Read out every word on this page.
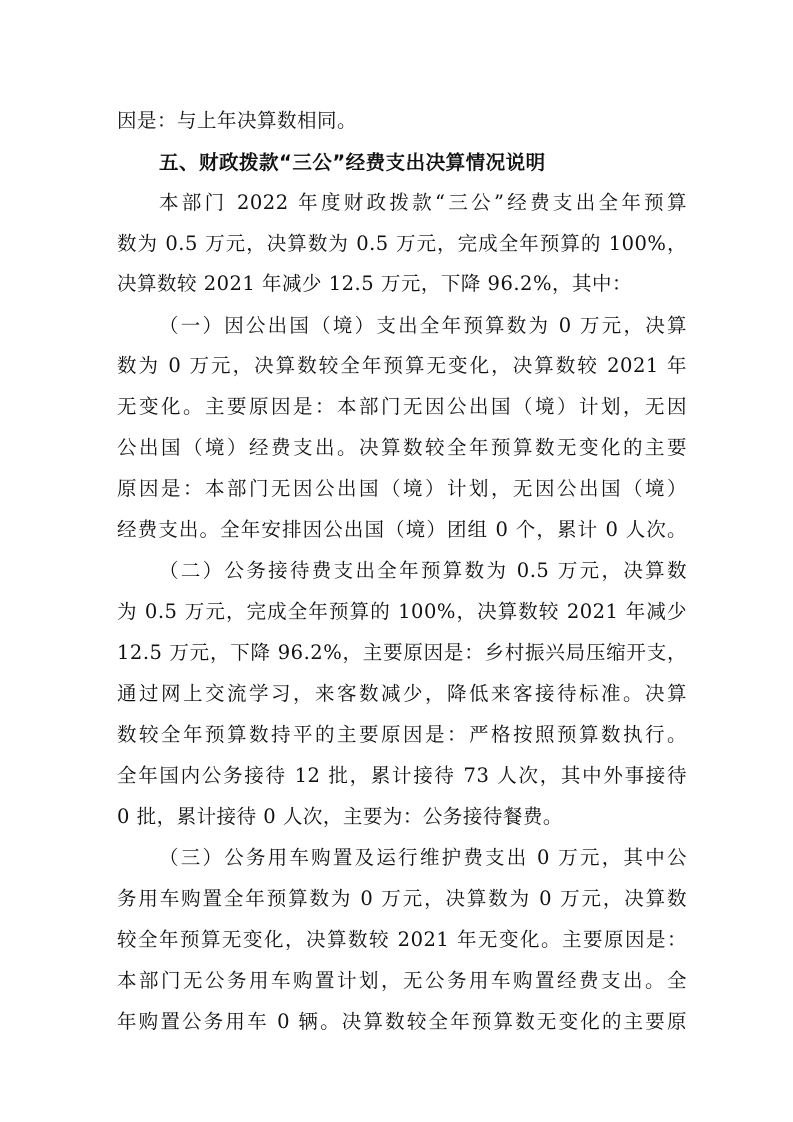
因是：与上年决算数相同。
五、财政拨款“三公”经费支出决算情况说明
本部门 2022 年度财政拨款“三公”经费支出全年预算
数为 0.5 万元，决算数为 0.5 万元，完成全年预算的 100%，
决算数较 2021 年减少 12.5 万元，下降 96.2%，其中：
（一）因公出国（境）支出全年预算数为 0 万元，决算
数为 0 万元，决算数较全年预算无变化，决算数较 2021 年
无变化。主要原因是：本部门无因公出国（境）计划，无因
公出国（境）经费支出。决算数较全年预算数无变化的主要
原因是：本部门无因公出国（境）计划，无因公出国（境）
经费支出。全年安排因公出国（境）团组 0 个，累计 0 人次。
（二）公务接待费支出全年预算数为 0.5 万元，决算数
为 0.5 万元，完成全年预算的 100%，决算数较 2021 年减少
12.5 万元，下降 96.2%，主要原因是：乡村振兴局压缩开支，
通过网上交流学习，来客数减少，降低来客接待标准。决算
数较全年预算数持平的主要原因是：严格按照预算数执行。
全年国内公务接待 12 批，累计接待 73 人次，其中外事接待
0 批，累计接待 0 人次，主要为：公务接待餐费。
（三）公务用车购置及运行维护费支出 0 万元，其中公
务用车购置全年预算数为 0 万元，决算数为 0 万元，决算数
较全年预算无变化，决算数较 2021 年无变化。主要原因是：
本部门无公务用车购置计划，无公务用车购置经费支出。全
年购置公务用车 0 辆。决算数较全年预算数无变化的主要原
